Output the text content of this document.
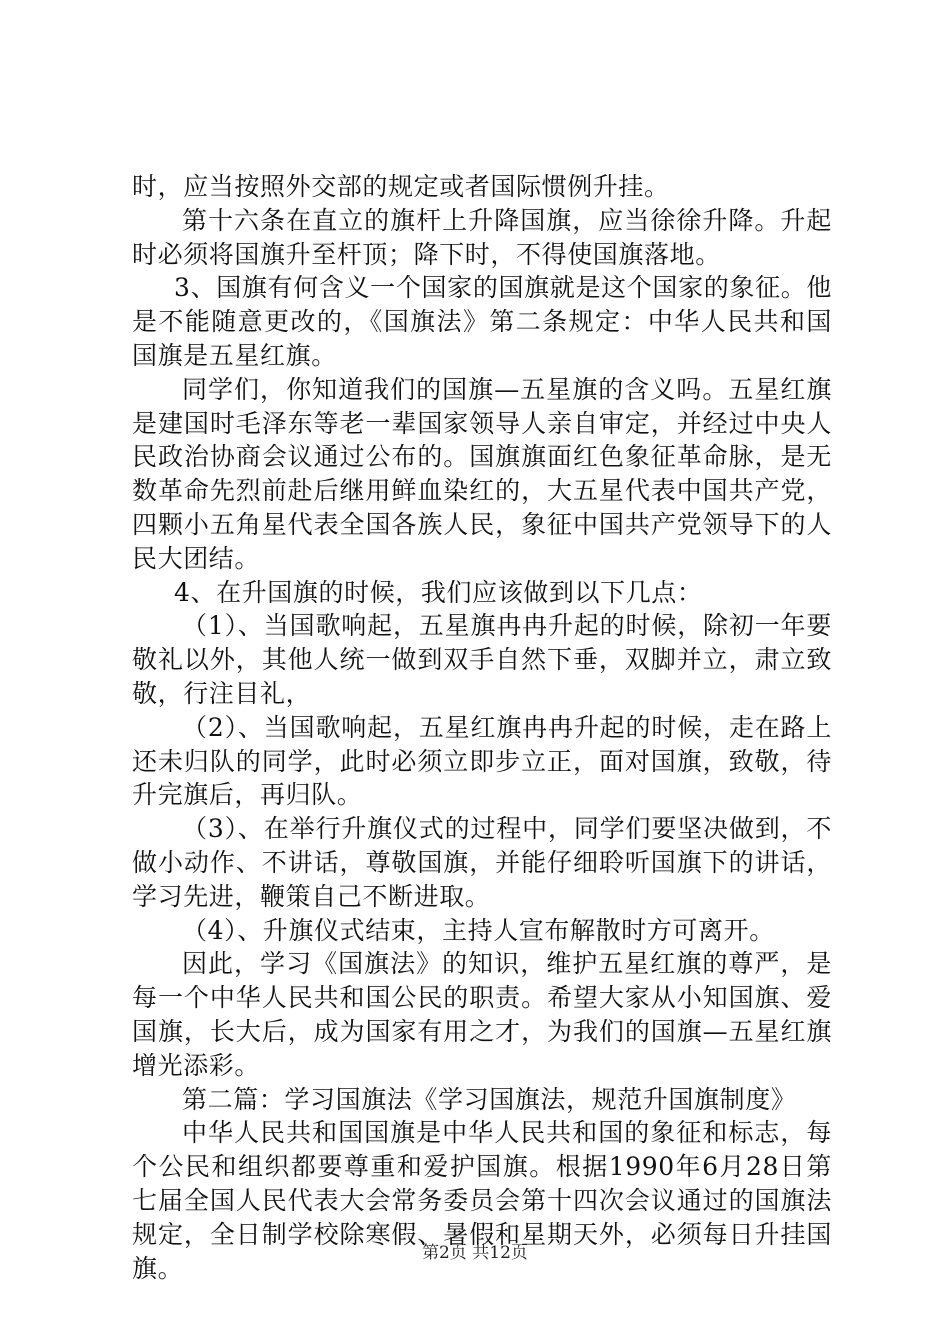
时，应当按照外交部的规定或者国际惯例升挂。

第十六条在直立的旗杆上升降国旗，应当徐徐升降。升起时必须将国旗升至杆顶；降下时，不得使国旗落地。

3、国旗有何含义一个国家的国旗就是这个国家的象征。他是不能随意更改的，《国旗法》第二条规定：中华人民共和国国旗是五星红旗。

同学们，你知道我们的国旗—五星旗的含义吗。五星红旗是建国时毛泽东等老一辈国家领导人亲自审定，并经过中央人民政治协商会议通过公布的。国旗旗面红色象征革命脉，是无数革命先烈前赴后继用鲜血染红的，大五星代表中国共产党，四颗小五角星代表全国各族人民，象征中国共产党领导下的人民大团结。

4、在升国旗的时候，我们应该做到以下几点：

（1）、当国歌响起，五星旗冉冉升起的时候，除初一年要敬礼以外，其他人统一做到双手自然下垂，双脚并立，肃立致敬，行注目礼，

（2）、当国歌响起，五星红旗冉冉升起的时候，走在路上还未归队的同学，此时必须立即步立正，面对国旗，致敬，待升完旗后，再归队。

（3）、在举行升旗仪式的过程中，同学们要坚决做到，不做小动作、不讲话，尊敬国旗，并能仔细聆听国旗下的讲话，学习先进，鞭策自己不断进取。

（4）、升旗仪式结束，主持人宣布解散时方可离开。

因此，学习《国旗法》的知识，维护五星红旗的尊严，是每一个中华人民共和国公民的职责。希望大家从小知国旗、爱国旗，长大后，成为国家有用之才，为我们的国旗—五星红旗增光添彩。

第二篇：学习国旗法《学习国旗法，规范升国旗制度》

中华人民共和国国旗是中华人民共和国的象征和标志，每个公民和组织都要尊重和爱护国旗。根据1990年6月28日第七届全国人民代表大会常务委员会第十四次会议通过的国旗法规定，全日制学校除寒假、暑假和星期天外，必须每日升挂国旗。

第2页 共12页
